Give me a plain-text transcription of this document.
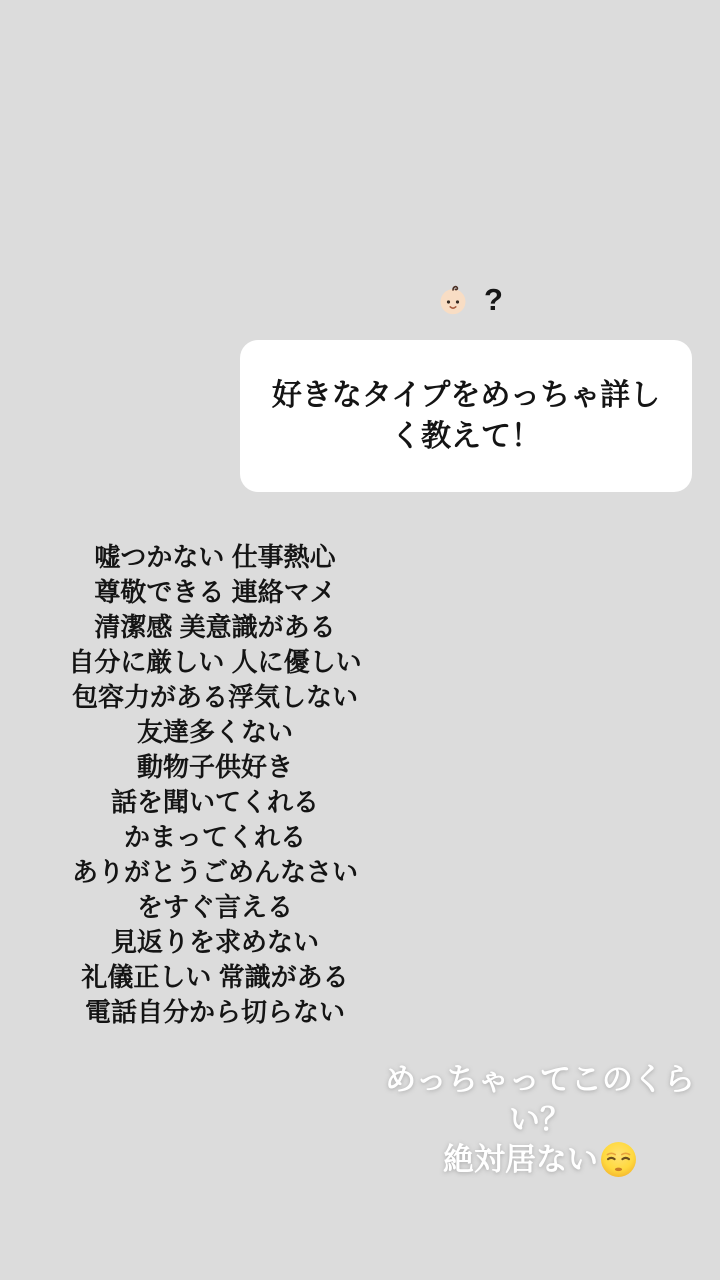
?
好きなタイプをめっちゃ詳し
く教えて！
嘘つかない 仕事熱心
尊敬できる 連絡マメ
清潔感 美意識がある
自分に厳しい 人に優しい
包容力がある浮気しない
友達多くない
動物子供好き
話を聞いてくれる
かまってくれる
ありがとうごめんなさい
をすぐ言える
見返りを求めない
礼儀正しい 常識がある
電話自分から切らない
めっちゃってこのくら
い？
絶対居ない
